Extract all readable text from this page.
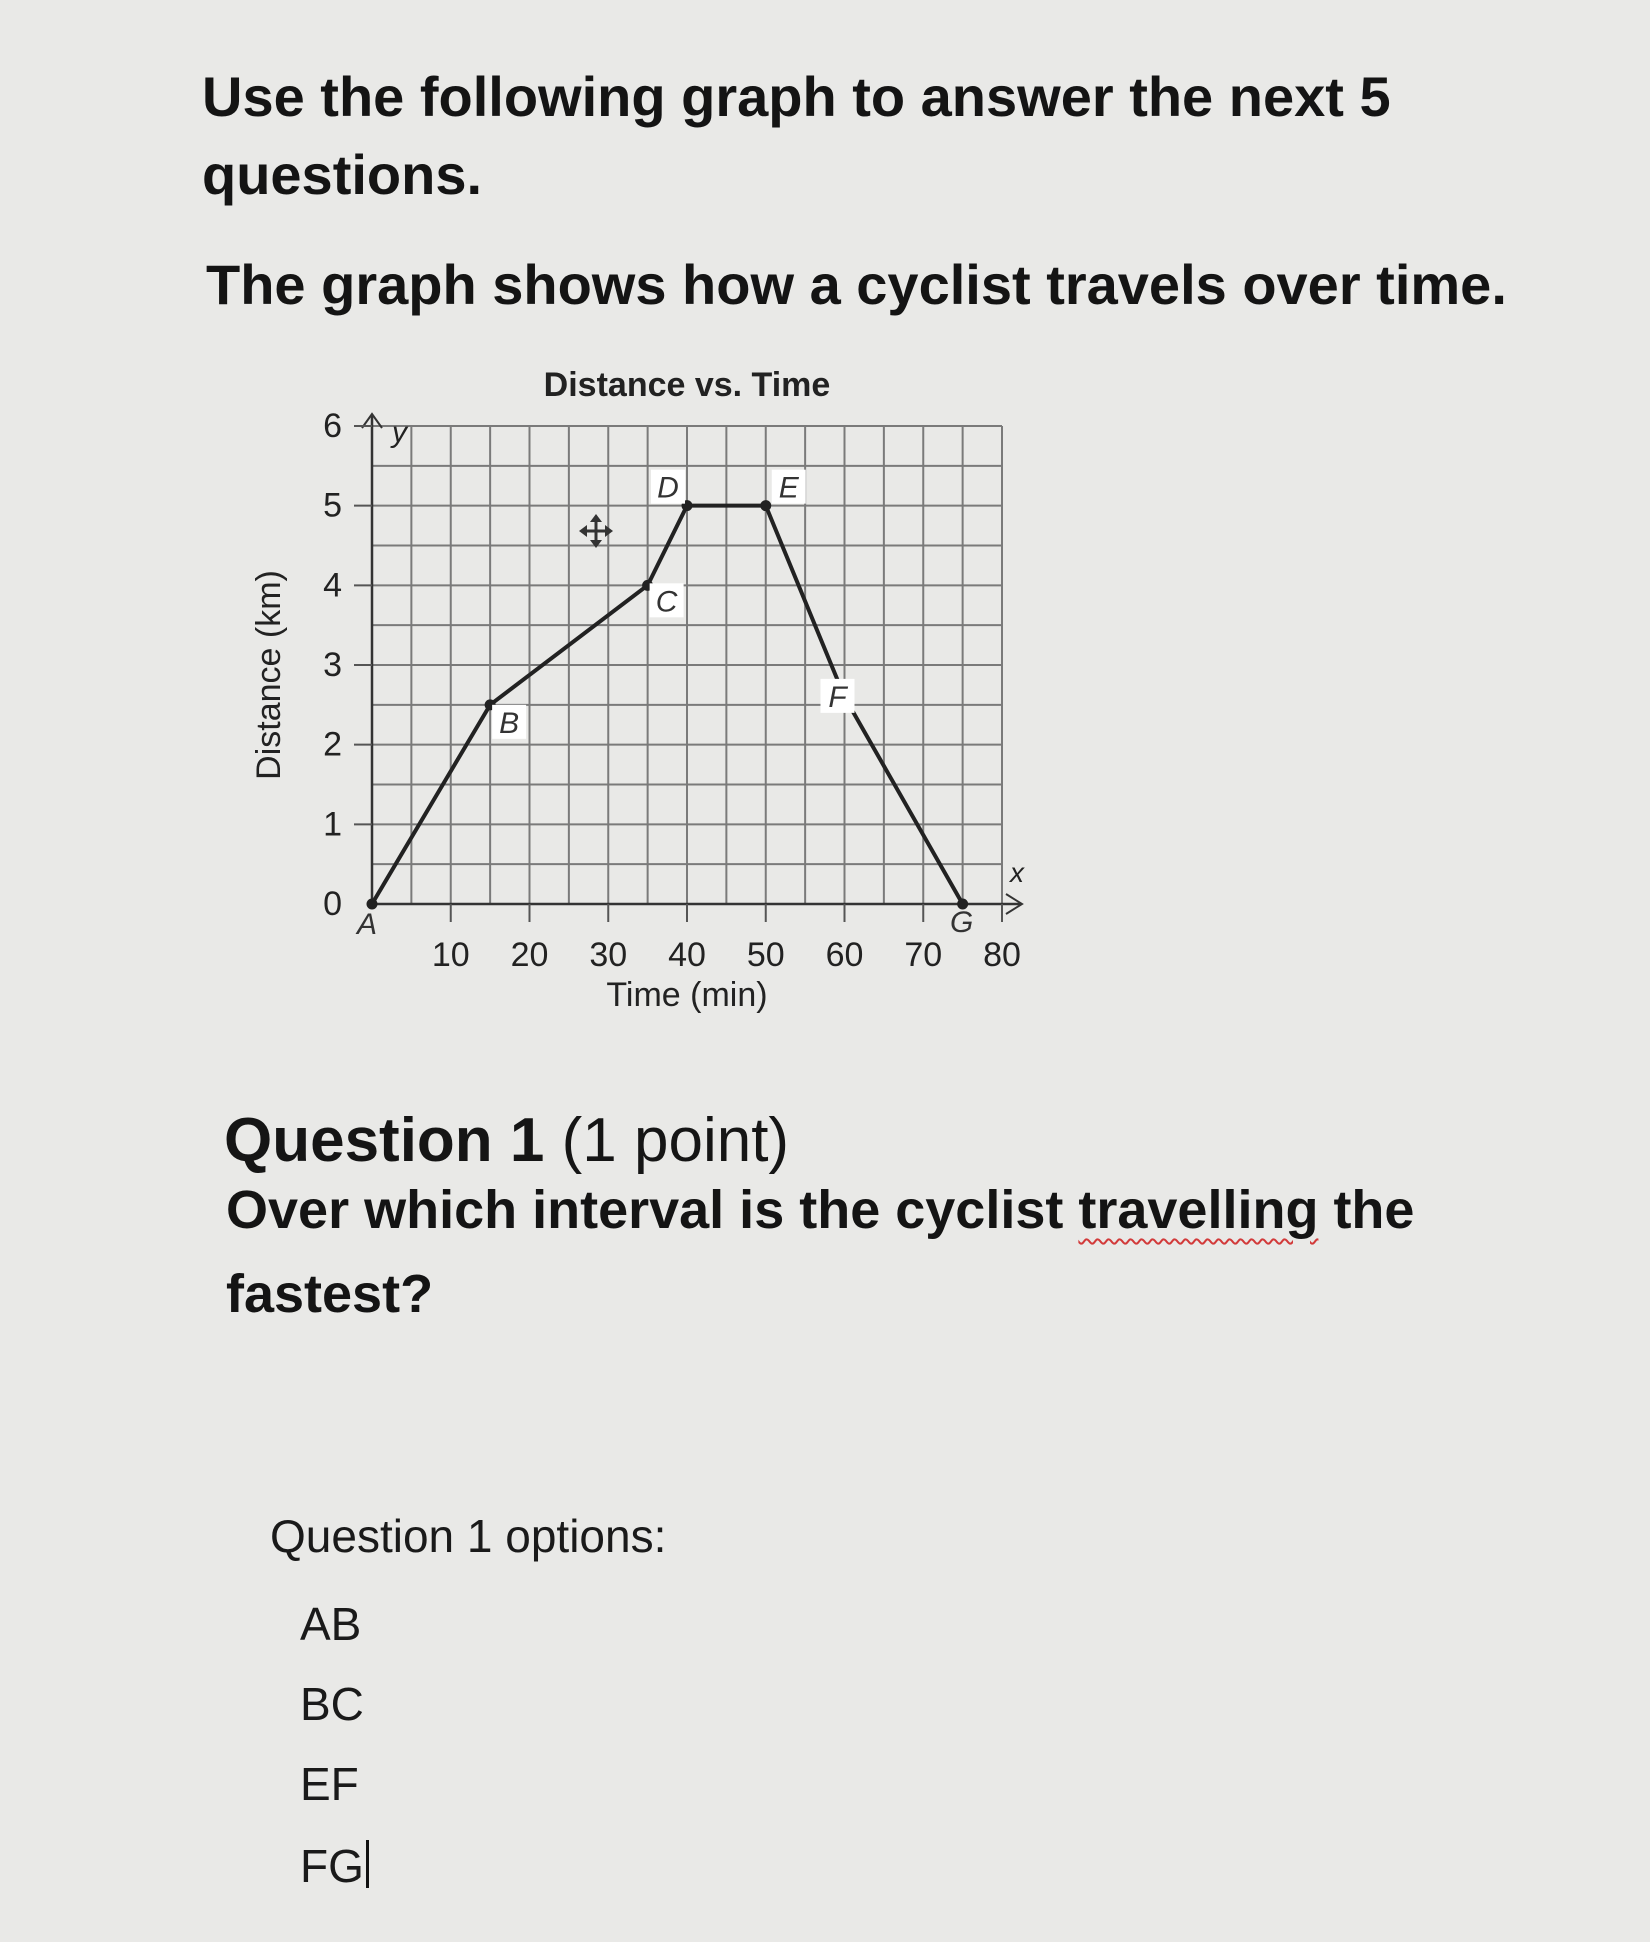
Use the following graph to answer the next 5 questions.
The graph shows how a cyclist travels over time.
y
x
0
1
2
3
4
5
6
10 20 30 40 50 60 70 80
Distance vs. Time
Time (min)
Distance (km)
A
B
C
D	E
F
G
Question 1 (1 point)
Over which interval is the cyclist travelling the fastest?
Question 1 options:
AB
BC
EF
FG
